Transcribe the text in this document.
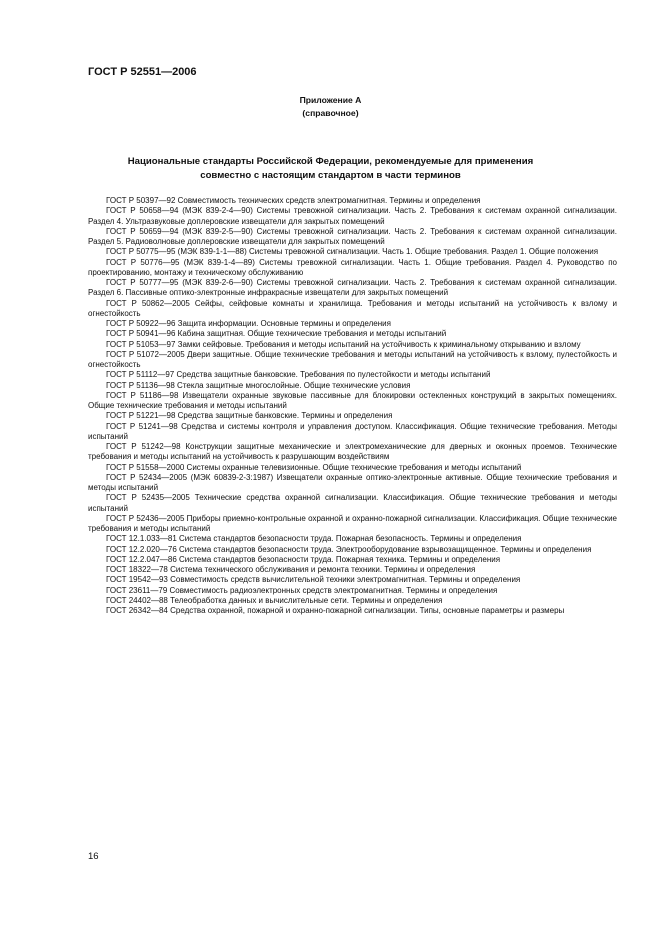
ГОСТ Р 52551—2006
Приложение А
(справочное)
Национальные стандарты Российской Федерации, рекомендуемые для применения
совместно с настоящим стандартом в части терминов
ГОСТ Р 50397—92 Совместимость технических средств электромагнитная. Термины и определения
ГОСТ Р 50658—94 (МЭК 839-2-4—90) Системы тревожной сигнализации. Часть 2. Требования к системам охранной сигнализации. Раздел 4. Ультразвуковые доплеровские извещатели для закрытых помещений
ГОСТ Р 50659—94 (МЭК 839-2-5—90) Системы тревожной сигнализации. Часть 2. Требования к системам охранной сигнализации. Раздел 5. Радиоволновые доплеровские извещатели для закрытых помещений
ГОСТ Р 50775—95 (МЭК 839-1-1—88) Системы тревожной сигнализации. Часть 1. Общие требования. Раздел 1. Общие положения
ГОСТ Р 50776—95 (МЭК 839-1-4—89) Системы тревожной сигнализации. Часть 1. Общие требования. Раздел 4. Руководство по проектированию, монтажу и техническому обслуживанию
ГОСТ Р 50777—95 (МЭК 839-2-6—90) Системы тревожной сигнализации. Часть 2. Требования к системам охранной сигнализации. Раздел 6. Пассивные оптико-электронные инфракрасные извещатели для закрытых помещений
ГОСТ Р 50862—2005 Сейфы, сейфовые комнаты и хранилища. Требования и методы испытаний на устойчивость к взлому и огнестойкость
ГОСТ Р 50922—96 Защита информации. Основные термины и определения
ГОСТ Р 50941—96 Кабина защитная. Общие технические требования и методы испытаний
ГОСТ Р 51053—97 Замки сейфовые. Требования и методы испытаний на устойчивость к криминальному открыванию и взлому
ГОСТ Р 51072—2005 Двери защитные. Общие технические требования и методы испытаний на устойчивость к взлому, пулестойкость и огнестойкость
ГОСТ Р 51112—97 Средства защитные банковские. Требования по пулестойкости и методы испытаний
ГОСТ Р 51136—98 Стекла защитные многослойные. Общие технические условия
ГОСТ Р 51186—98 Извещатели охранные звуковые пассивные для блокировки остекленных конструкций в закрытых помещениях. Общие технические требования и методы испытаний
ГОСТ Р 51221—98 Средства защитные банковские. Термины и определения
ГОСТ Р 51241—98 Средства и системы контроля и управления доступом. Классификация. Общие технические требования. Методы испытаний
ГОСТ Р 51242—98 Конструкции защитные механические и электромеханические для дверных и оконных проемов. Технические требования и методы испытаний на устойчивость к разрушающим воздействиям
ГОСТ Р 51558—2000 Системы охранные телевизионные. Общие технические требования и методы испытаний
ГОСТ Р 52434—2005 (МЭК 60839-2-3:1987) Извещатели охранные оптико-электронные активные. Общие технические требования и методы испытаний
ГОСТ Р 52435—2005 Технические средства охранной сигнализации. Классификация. Общие технические требования и методы испытаний
ГОСТ Р 52436—2005 Приборы приемно-контрольные охранной и охранно-пожарной сигнализации. Классификация. Общие технические требования и методы испытаний
ГОСТ 12.1.033—81 Система стандартов безопасности труда. Пожарная безопасность. Термины и определения
ГОСТ 12.2.020—76 Система стандартов безопасности труда. Электрооборудование взрывозащищенное. Термины и определения
ГОСТ 12.2.047—86 Система стандартов безопасности труда. Пожарная техника. Термины и определения
ГОСТ 18322—78 Система технического обслуживания и ремонта техники. Термины и определения
ГОСТ 19542—93 Совместимость средств вычислительной техники электромагнитная. Термины и определения
ГОСТ 23611—79 Совместимость радиоэлектронных средств электромагнитная. Термины и определения
ГОСТ 24402—88 Телеобработка данных и вычислительные сети. Термины и определения
ГОСТ 26342—84 Средства охранной, пожарной и охранно-пожарной сигнализации. Типы, основные параметры и размеры
16
